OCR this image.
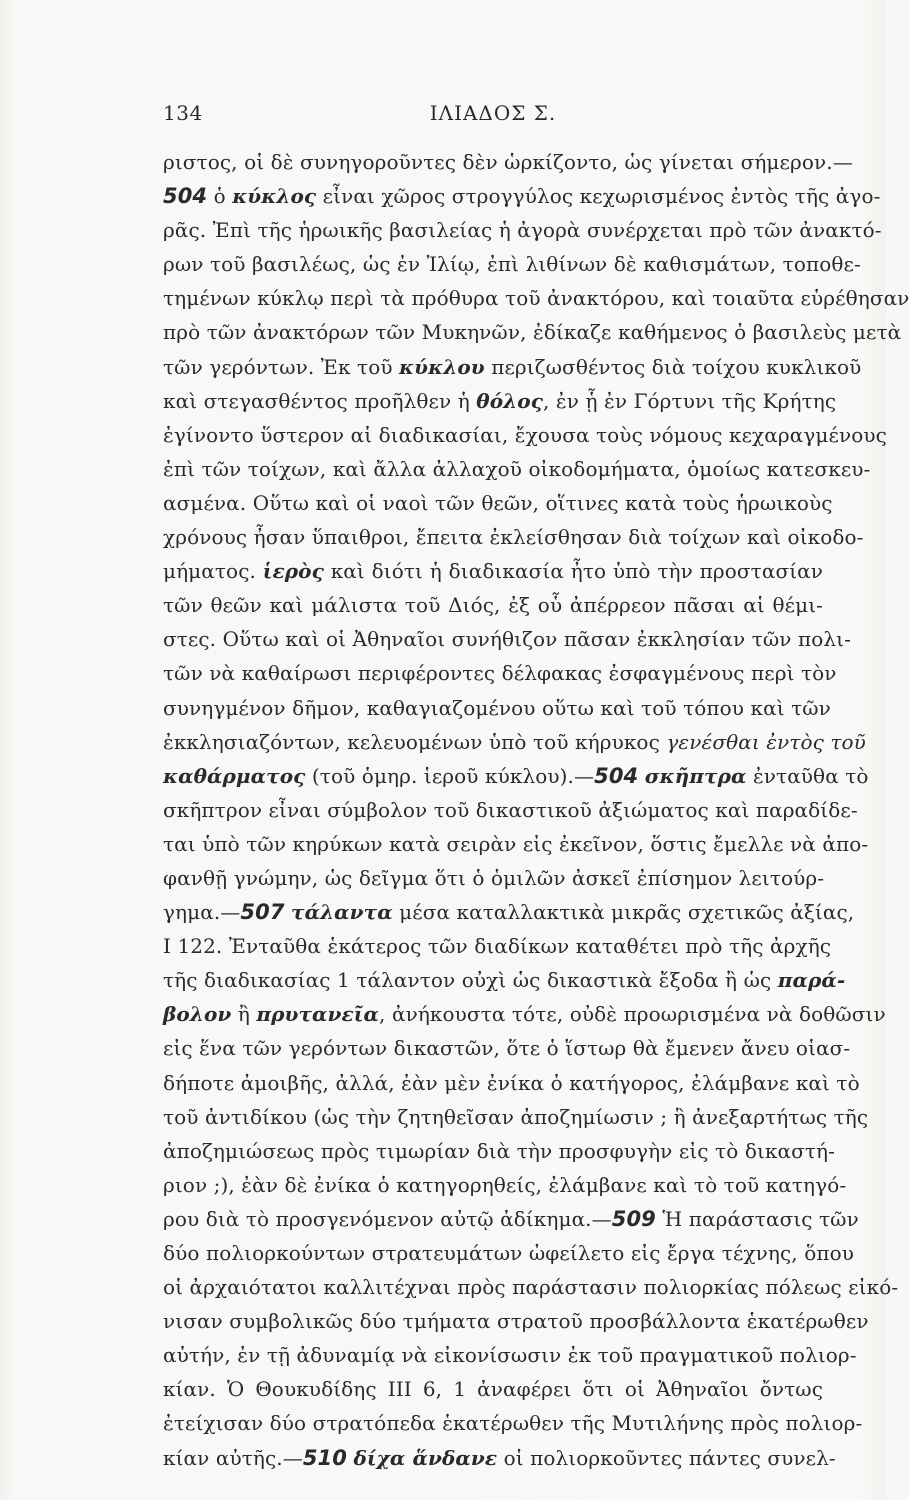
134	ΙΛΙΑΔΟΣ Σ.
ριστος, οἱ δὲ συνηγοροῦντες δὲν ὡρκίζοντο, ὡς γίνεται σήμερον.—
504 ὁ κύκλος εἶναι χῶρος στρογγύλος κεχωρισμένος ἐντὸς τῆς ἀγο-
ρᾶς. Ἐπὶ τῆς ἡρωικῆς βασιλείας ἡ ἀγορὰ συνέρχεται πρὸ τῶν ἀνακτό-
ρων τοῦ βασιλέως, ὡς ἐν Ἰλίῳ, ἐπὶ λιθίνων δὲ καθισμάτων, τοποθε-
τημένων κύκλῳ περὶ τὰ πρόθυρα τοῦ ἀνακτόρου, καὶ τοιαῦτα εὑρέθησαν
πρὸ τῶν ἀνακτόρων τῶν Μυκηνῶν, ἐδίκαζε καθήμενος ὁ βασιλεὺς μετὰ
τῶν γερόντων. Ἐκ τοῦ κύκλου περιζωσθέντος διὰ τοίχου κυκλικοῦ
καὶ στεγασθέντος προῆλθεν ἡ θόλος, ἐν ᾗ ἐν Γόρτυνι τῆς Κρήτης
ἐγίνοντο ὕστερον αἱ διαδικασίαι, ἔχουσα τοὺς νόμους κεχαραγμένους
ἐπὶ τῶν τοίχων, καὶ ἄλλα ἀλλαχοῦ οἰκοδομήματα, ὁμοίως κατεσκευ-
ασμένα. Οὕτω καὶ οἱ ναοὶ τῶν θεῶν, οἵτινες κατὰ τοὺς ἡρωικοὺς
χρόνους ἦσαν ὕπαιθροι, ἔπειτα ἐκλείσθησαν διὰ τοίχων καὶ οἰκοδο-
μήματος. ἱερὸς καὶ διότι ἡ διαδικασία ἦτο ὑπὸ τὴν προστασίαν
τῶν θεῶν καὶ μάλιστα τοῦ Διός, ἐξ οὗ ἀπέρρεον πᾶσαι αἱ θέμι-
στες. Οὕτω καὶ οἱ Ἀθηναῖοι συνήθιζον πᾶσαν ἐκκλησίαν τῶν πολι-
τῶν νὰ καθαίρωσι περιφέροντες δέλφακας ἐσφαγμένους περὶ τὸν
συνηγμένον δῆμον, καθαγιαζομένου οὕτω καὶ τοῦ τόπου καὶ τῶν
ἐκκλησιαζόντων, κελευομένων ὑπὸ τοῦ κήρυκος γενέσθαι ἐντὸς τοῦ
καθάρματος (τοῦ ὁμηρ. ἱεροῦ κύκλου).—504 σκῆπτρα ἐνταῦθα τὸ
σκῆπτρον εἶναι σύμβολον τοῦ δικαστικοῦ ἀξιώματος καὶ παραδίδε-
ται ὑπὸ τῶν κηρύκων κατὰ σειρὰν εἰς ἐκεῖνον, ὅστις ἔμελλε νὰ ἀπο-
φανθῇ γνώμην, ὡς δεῖγμα ὅτι ὁ ὁμιλῶν ἀσκεῖ ἐπίσημον λειτούρ-
γημα.—507 τάλαντα μέσα καταλλακτικὰ μικρᾶς σχετικῶς ἀξίας,
Ι 122. Ἐνταῦθα ἑκάτερος τῶν διαδίκων καταθέτει πρὸ τῆς ἀρχῆς
τῆς διαδικασίας 1 τάλαντον οὐχὶ ὡς δικαστικὰ ἔξοδα ἢ ὡς παρά-
βολον ἢ πρυτανεῖα, ἀνήκουστα τότε, οὐδὲ προωρισμένα νὰ δοθῶσιν
εἰς ἕνα τῶν γερόντων δικαστῶν, ὅτε ὁ ἵστωρ θὰ ἔμενεν ἄνευ οἱασ-
δήποτε ἀμοιβῆς, ἀλλά, ἐὰν μὲν ἐνίκα ὁ κατήγορος, ἐλάμβανε καὶ τὸ
τοῦ ἀντιδίκου (ὡς τὴν ζητηθεῖσαν ἀποζημίωσιν ; ἢ ἀνεξαρτήτως τῆς
ἀποζημιώσεως πρὸς τιμωρίαν διὰ τὴν προσφυγὴν εἰς τὸ δικαστή-
ριον ;), ἐὰν δὲ ἐνίκα ὁ κατηγορηθείς, ἐλάμβανε καὶ τὸ τοῦ κατηγό-
ρου διὰ τὸ προσγενόμενον αὐτῷ ἀδίκημα.—509 Ἡ παράστασις τῶν
δύο πολιορκούντων στρατευμάτων ὠφείλετο εἰς ἔργα τέχνης, ὅπου
οἱ ἀρχαιότατοι καλλιτέχναι πρὸς παράστασιν πολιορκίας πόλεως εἰκό-
νισαν συμβολικῶς δύο τμήματα στρατοῦ προσβάλλοντα ἑκατέρωθεν
αὐτήν, ἐν τῇ ἀδυναμίᾳ νὰ εἰκονίσωσιν ἐκ τοῦ πραγματικοῦ πολιορ-
κίαν. Ὁ Θουκυδίδης ΙΙΙ 6, 1 ἀναφέρει ὅτι οἱ Ἀθηναῖοι ὄντως
ἐτείχισαν δύο στρατόπεδα ἑκατέρωθεν τῆς Μυτιλήνης πρὸς πολιορ-
κίαν αὐτῆς.—510 δίχα ἅνδανε οἱ πολιορκοῦντες πάντες συνελ-
